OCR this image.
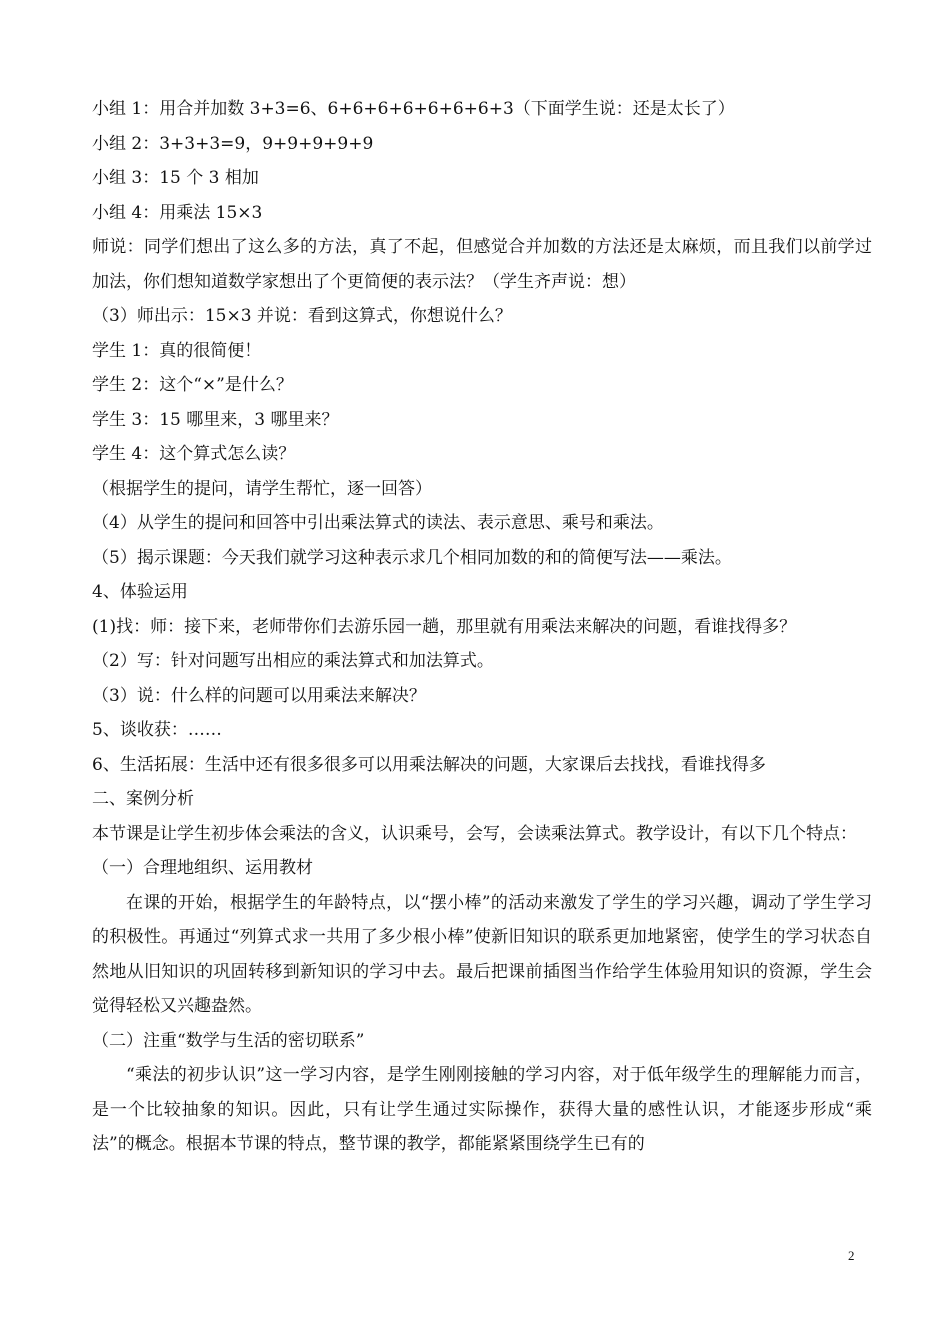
小组 1：用合并加数 3+3=6、6+6+6+6+6+6+6+3（下面学生说：还是太长了）

小组 2：3+3+3=9，9+9+9+9+9

小组 3：15 个 3 相加

小组 4：用乘法 15×3

师说：同学们想出了这么多的方法，真了不起，但感觉合并加数的方法还是太麻烦，而且我们以前学过加法，你们想知道数学家想出了个更简便的表示法？（学生齐声说：想）

（3）师出示：15×3 并说：看到这算式，你想说什么？

学生 1：真的很简便！

学生 2：这个“×”是什么？

学生 3：15 哪里来，3 哪里来？

学生 4：这个算式怎么读？

（根据学生的提问，请学生帮忙，逐一回答）

（4）从学生的提问和回答中引出乘法算式的读法、表示意思、乘号和乘法。

（5）揭示课题：今天我们就学习这种表示求几个相同加数的和的简便写法——乘法。

4、体验运用

(1)找：师：接下来，老师带你们去游乐园一趟，那里就有用乘法来解决的问题，看谁找得多？

（2）写：针对问题写出相应的乘法算式和加法算式。

（3）说：什么样的问题可以用乘法来解决？

5、谈收获：……

6、生活拓展：生活中还有很多很多可以用乘法解决的问题，大家课后去找找，看谁找得多

二、案例分析

本节课是让学生初步体会乘法的含义，认识乘号，会写，会读乘法算式。教学设计，有以下几个特点：

（一）合理地组织、运用教材

在课的开始，根据学生的年龄特点，以“摆小棒”的活动来激发了学生的学习兴趣，调动了学生学习的积极性。再通过“列算式求一共用了多少根小棒”使新旧知识的联系更加地紧密，使学生的学习状态自然地从旧知识的巩固转移到新知识的学习中去。最后把课前插图当作给学生体验用知识的资源，学生会觉得轻松又兴趣盎然。

（二）注重“数学与生活的密切联系”

“乘法的初步认识”这一学习内容，是学生刚刚接触的学习内容，对于低年级学生的理解能力而言，是一个比较抽象的知识。因此，只有让学生通过实际操作，获得大量的感性认识，才能逐步形成“乘法”的概念。根据本节课的特点，整节课的教学，都能紧紧围绕学生已有的

2
